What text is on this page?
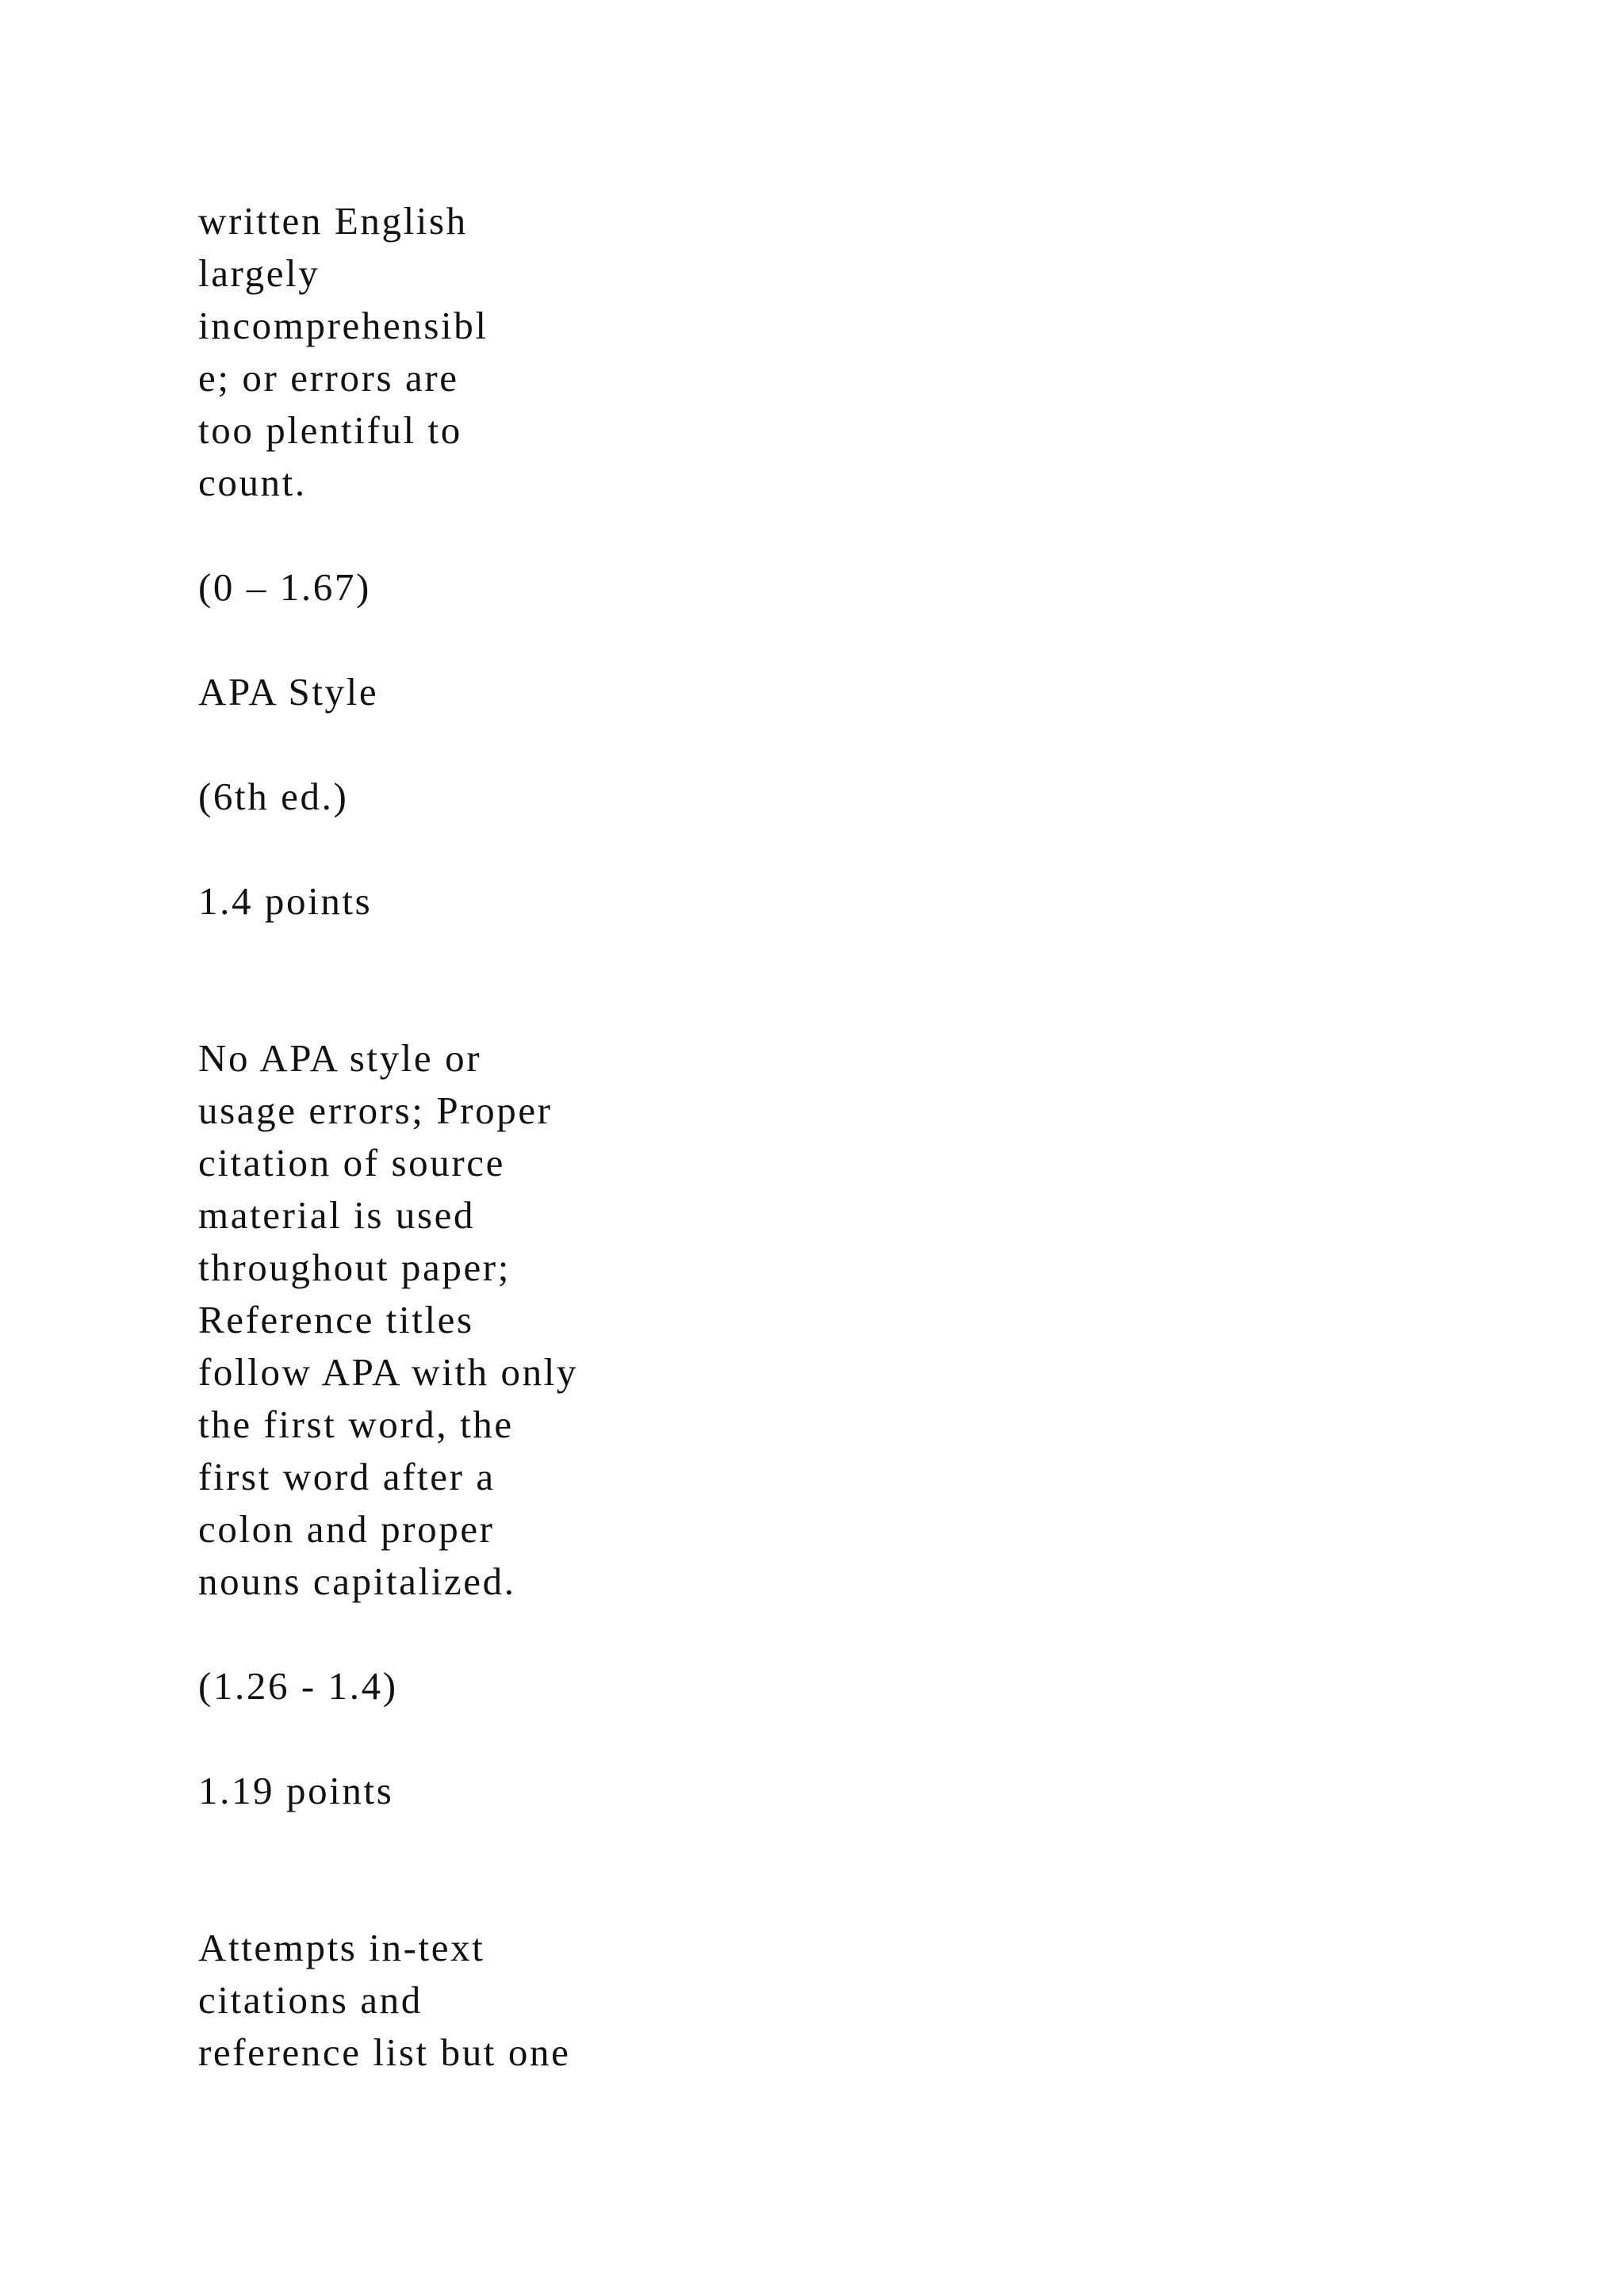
written English
largely
incomprehensibl
e; or errors are
too plentiful to
count.
(0 – 1.67)
APA Style
(6th ed.)
1.4 points
No APA style or
usage errors; Proper
citation of source
material is used
throughout paper;
Reference titles
follow APA with only
the first word, the
first word after a
colon and proper
nouns capitalized.
(1.26 - 1.4)
1.19 points
Attempts in-text
citations and
reference list but one
